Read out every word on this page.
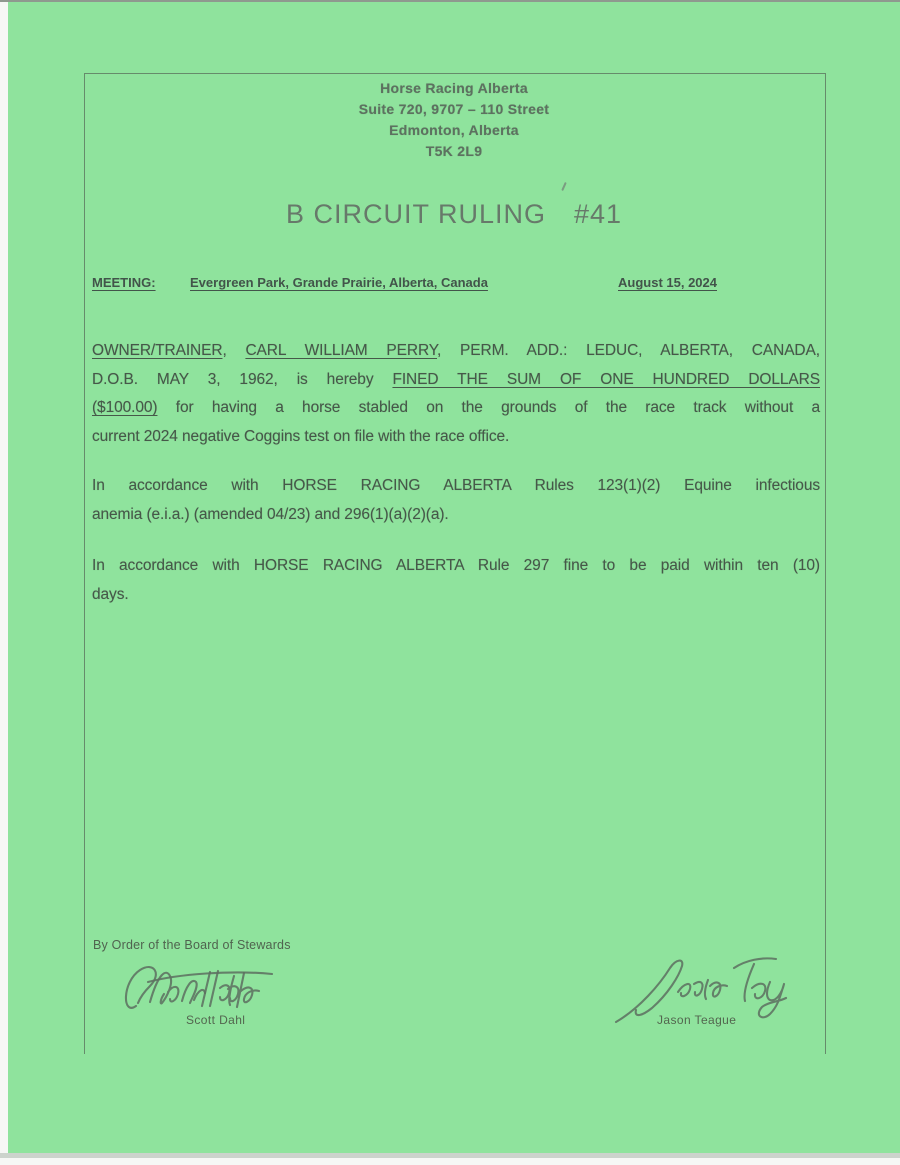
Horse Racing Alberta
Suite 720, 9707 – 110 Street
Edmonton, Alberta
T5K 2L9
B CIRCUIT RULING #41
MEETING:	Evergreen Park, Grande Prairie, Alberta, Canada	August 15, 2024
OWNER/TRAINER, CARL WILLIAM PERRY, PERM. ADD.: LEDUC, ALBERTA, CANADA,
D.O.B. MAY 3, 1962, is hereby FINED THE SUM OF ONE HUNDRED DOLLARS
($100.00) for having a horse stabled on the grounds of the race track without a
current 2024 negative Coggins test on file with the race office.
In accordance with HORSE RACING ALBERTA Rules 123(1)(2) Equine infectious
anemia (e.i.a.) (amended 04/23) and 296(1)(a)(2)(a).
In accordance with HORSE RACING ALBERTA Rule 297 fine to be paid within ten (10)
days.
By Order of the Board of Stewards
Scott Dahl	Jason Teague
